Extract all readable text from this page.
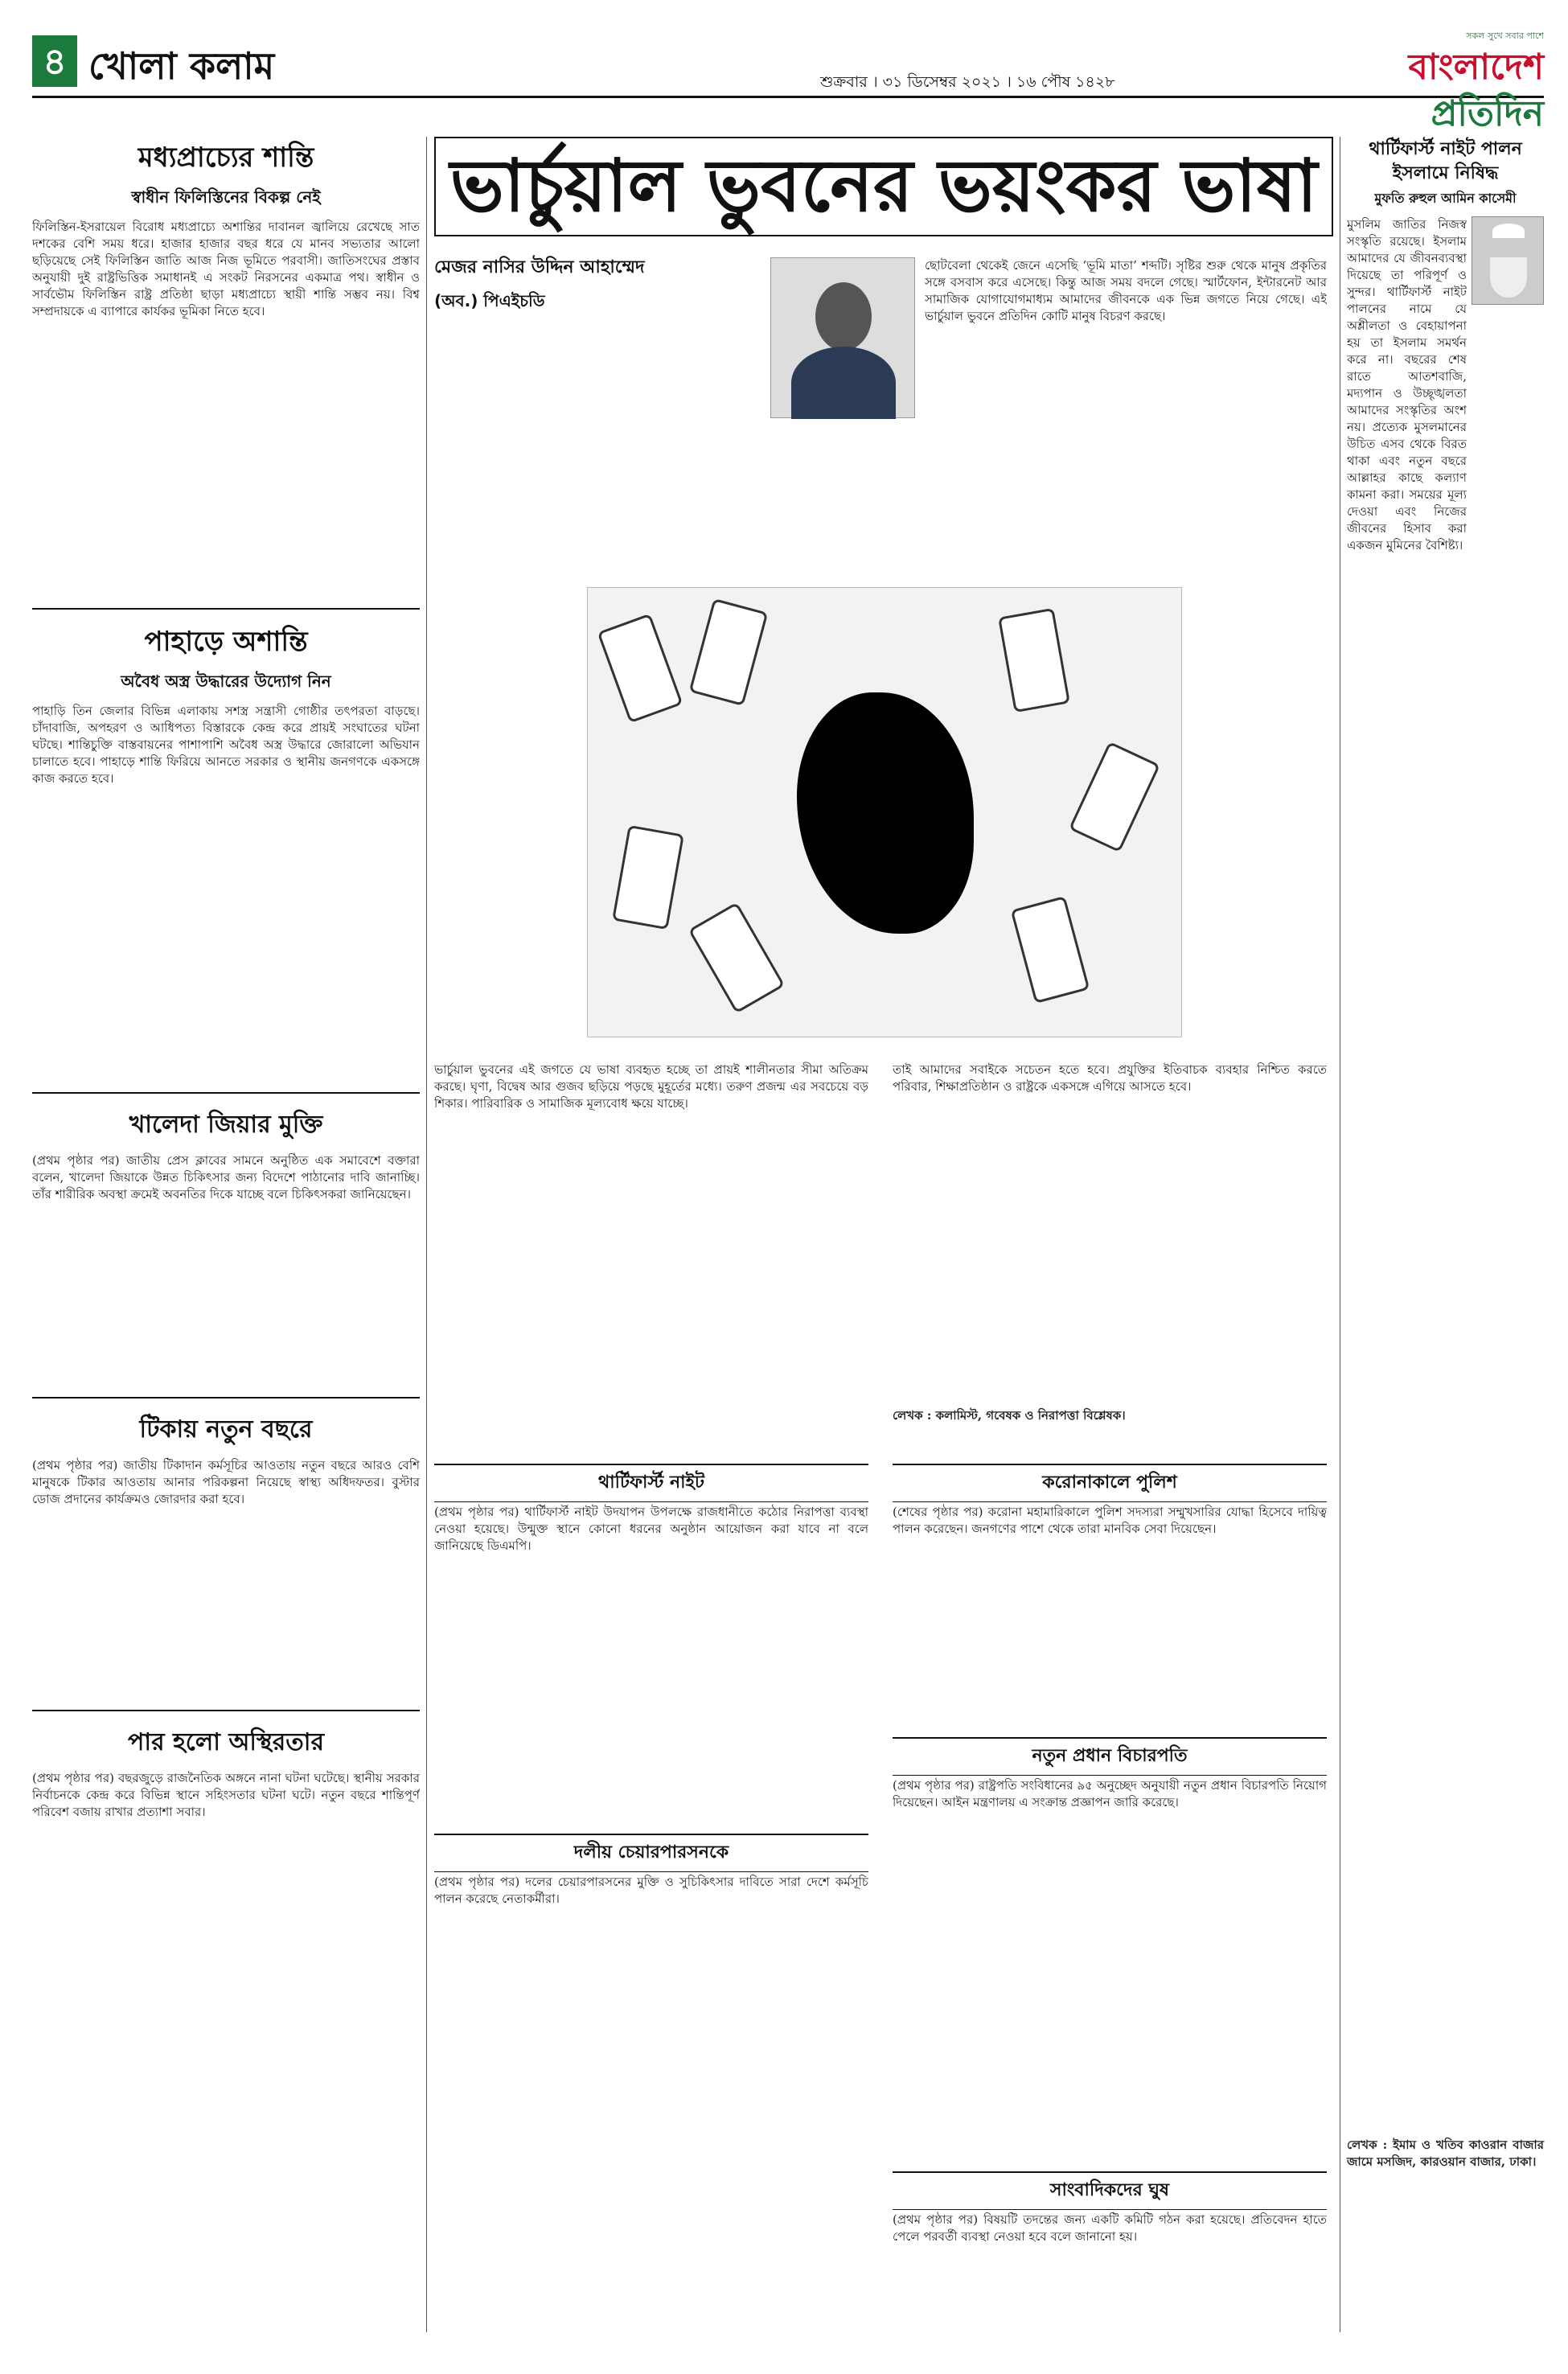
৪ খোলা কলাম	শুক্রবার । ৩১ ডিসেম্বর ২০২১ । ১৬ পৌষ ১৪২৮
সকল সুখে সবার পাশে
বাংলাদেশ প্রতিদিন
মধ্যপ্রাচ্যের শান্তি
স্বাধীন ফিলিস্তিনের বিকল্প নেই
ফিলিস্তিন-ইসরায়েল বিরোধ মধ্যপ্রাচ্যে অশান্তির দাবানল জ্বালিয়ে রেখেছে সাত দশকের বেশি সময় ধরে। হাজার হাজার বছর ধরে যে মানব সভ্যতার আলো ছড়িয়েছে সেই ফিলিস্তিন জাতি আজ নিজ ভূমিতে পরবাসী। জাতিসংঘের প্রস্তাব অনুযায়ী দুই রাষ্ট্রভিত্তিক সমাধানই এ সংকট নিরসনের একমাত্র পথ। স্বাধীন ও সার্বভৌম ফিলিস্তিন রাষ্ট্র প্রতিষ্ঠা ছাড়া মধ্যপ্রাচ্যে স্থায়ী শান্তি সম্ভব নয়। বিশ্ব সম্প্রদায়কে এ ব্যাপারে কার্যকর ভূমিকা নিতে হবে।
পাহাড়ে অশান্তি
অবৈধ অস্ত্র উদ্ধারের উদ্যোগ নিন
পাহাড়ি তিন জেলার বিভিন্ন এলাকায় সশস্ত্র সন্ত্রাসী গোষ্ঠীর তৎপরতা বাড়ছে। চাঁদাবাজি, অপহরণ ও আধিপত্য বিস্তারকে কেন্দ্র করে প্রায়ই সংঘাতের ঘটনা ঘটছে। শান্তিচুক্তি বাস্তবায়নের পাশাপাশি অবৈধ অস্ত্র উদ্ধারে জোরালো অভিযান চালাতে হবে। পাহাড়ে শান্তি ফিরিয়ে আনতে সরকার ও স্থানীয় জনগণকে একসঙ্গে কাজ করতে হবে।
খালেদা জিয়ার মুক্তি
(প্রথম পৃষ্ঠার পর) জাতীয় প্রেস ক্লাবের সামনে অনুষ্ঠিত এক সমাবেশে বক্তারা বলেন, খালেদা জিয়াকে উন্নত চিকিৎসার জন্য বিদেশে পাঠানোর দাবি জানাচ্ছি। তাঁর শারীরিক অবস্থা ক্রমেই অবনতির দিকে যাচ্ছে বলে চিকিৎসকরা জানিয়েছেন।
টিকায় নতুন বছরে
(প্রথম পৃষ্ঠার পর) জাতীয় টিকাদান কর্মসূচির আওতায় নতুন বছরে আরও বেশি মানুষকে টিকার আওতায় আনার পরিকল্পনা নিয়েছে স্বাস্থ্য অধিদফতর। বুস্টার ডোজ প্রদানের কার্যক্রমও জোরদার করা হবে।
পার হলো অস্থিরতার
(প্রথম পৃষ্ঠার পর) বছরজুড়ে রাজনৈতিক অঙ্গনে নানা ঘটনা ঘটেছে। স্থানীয় সরকার নির্বাচনকে কেন্দ্র করে বিভিন্ন স্থানে সহিংসতার ঘটনা ঘটে। নতুন বছরে শান্তিপূর্ণ পরিবেশ বজায় রাখার প্রত্যাশা সবার।
ভার্চুয়াল ভুবনের ভয়ংকর ভাষা
মেজর নাসির উদ্দিন আহাম্মেদ
(অব.) পিএইচডি
ছোটবেলা থেকেই জেনে এসেছি ‘ভূমি মাতা’ শব্দটি। সৃষ্টির শুরু থেকে মানুষ প্রকৃতির সঙ্গে বসবাস করে এসেছে। কিন্তু আজ সময় বদলে গেছে। স্মার্টফোন, ইন্টারনেট আর সামাজিক যোগাযোগমাধ্যম আমাদের জীবনকে এক ভিন্ন জগতে নিয়ে গেছে। এই ভার্চুয়াল ভুবনে প্রতিদিন কোটি মানুষ বিচরণ করছে।
ভার্চুয়াল ভুবনের এই জগতে যে ভাষা ব্যবহৃত হচ্ছে তা প্রায়ই শালীনতার সীমা অতিক্রম করছে। ঘৃণা, বিদ্বেষ আর গুজব ছড়িয়ে পড়ছে মুহূর্তের মধ্যে। তরুণ প্রজন্ম এর সবচেয়ে বড় শিকার। পারিবারিক ও সামাজিক মূল্যবোধ ক্ষয়ে যাচ্ছে।
তাই আমাদের সবাইকে সচেতন হতে হবে। প্রযুক্তির ইতিবাচক ব্যবহার নিশ্চিত করতে পরিবার, শিক্ষাপ্রতিষ্ঠান ও রাষ্ট্রকে একসঙ্গে এগিয়ে আসতে হবে।
লেখক : কলামিস্ট, গবেষক ও নিরাপত্তা বিশ্লেষক।
থার্টিফার্স্ট নাইট
(প্রথম পৃষ্ঠার পর) থার্টিফার্স্ট নাইট উদযাপন উপলক্ষে রাজধানীতে কঠোর নিরাপত্তা ব্যবস্থা নেওয়া হয়েছে। উন্মুক্ত স্থানে কোনো ধরনের অনুষ্ঠান আয়োজন করা যাবে না বলে জানিয়েছে ডিএমপি।
করোনাকালে পুলিশ
(শেষের পৃষ্ঠার পর) করোনা মহামারিকালে পুলিশ সদস্যরা সম্মুখসারির যোদ্ধা হিসেবে দায়িত্ব পালন করেছেন। জনগণের পাশে থেকে তারা মানবিক সেবা দিয়েছেন।
নতুন প্রধান বিচারপতি
(প্রথম পৃষ্ঠার পর) রাষ্ট্রপতি সংবিধানের ৯৫ অনুচ্ছেদ অনুযায়ী নতুন প্রধান বিচারপতি নিয়োগ দিয়েছেন। আইন মন্ত্রণালয় এ সংক্রান্ত প্রজ্ঞাপন জারি করেছে।
দলীয় চেয়ারপারসনকে
(প্রথম পৃষ্ঠার পর) দলের চেয়ারপারসনের মুক্তি ও সুচিকিৎসার দাবিতে সারা দেশে কর্মসূচি পালন করেছে নেতাকর্মীরা।
সাংবাদিকদের ঘুষ
(প্রথম পৃষ্ঠার পর) বিষয়টি তদন্তের জন্য একটি কমিটি গঠন করা হয়েছে। প্রতিবেদন হাতে পেলে পরবর্তী ব্যবস্থা নেওয়া হবে বলে জানানো হয়।
থার্টিফার্স্ট নাইট পালন ইসলামে নিষিদ্ধ
মুফতি রুহুল আমিন কাসেমী
মুসলিম জাতির নিজস্ব সংস্কৃতি রয়েছে। ইসলাম আমাদের যে জীবনব্যবস্থা দিয়েছে তা পরিপূর্ণ ও সুন্দর। থার্টিফার্স্ট নাইট পালনের নামে যে অশ্লীলতা ও বেহায়াপনা হয় তা ইসলাম সমর্থন করে না। বছরের শেষ রাতে আতশবাজি, মদ্যপান ও উচ্ছৃঙ্খলতা আমাদের সংস্কৃতির অংশ নয়। প্রত্যেক মুসলমানের উচিত এসব থেকে বিরত থাকা এবং নতুন বছরে আল্লাহর কাছে কল্যাণ কামনা করা। সময়ের মূল্য দেওয়া এবং নিজের জীবনের হিসাব করা একজন মুমিনের বৈশিষ্ট্য।
লেখক : ইমাম ও খতিব কাওরান বাজার জামে মসজিদ, কারওয়ান বাজার, ঢাকা।
